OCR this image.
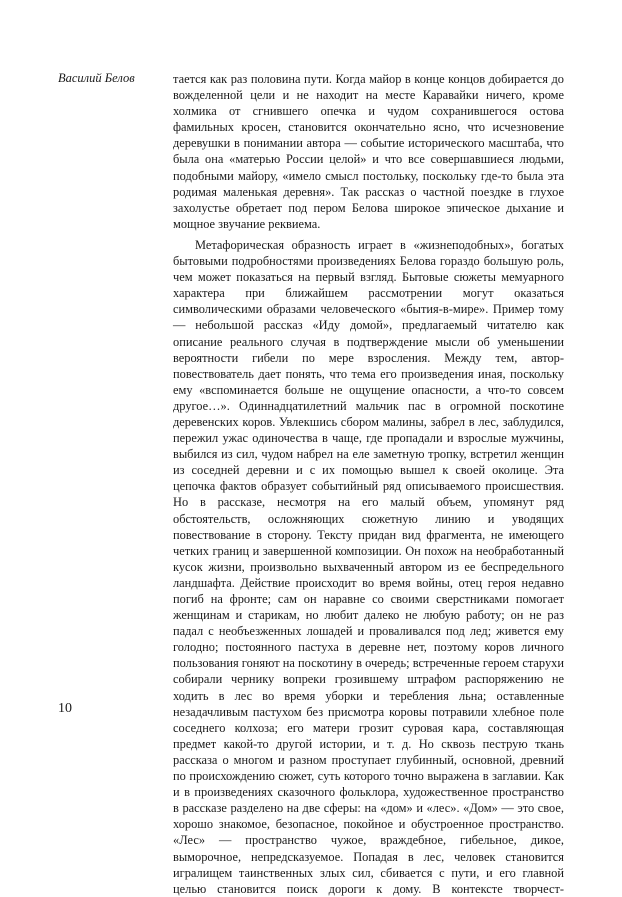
Василий Белов	тается как раз половина пути. Когда майор в конце концов добирается до вожделенной цели и не находит на месте Каравайки ничего, кроме холмика от сгнившего опечка и чудом сохранившегося остова фамильных кросен, становится окончательно ясно, что исчезновение деревушки в понимании автора — событие исторического масштаба, что была она «матерью России целой» и что все совершавшиеся людьми, подобными майору, «имело смысл постольку, поскольку где-то была эта родимая маленькая деревня». Так рассказ о частной поездке в глухое захолустье обретает под пером Белова широкое эпическое дыхание и мощное звучание реквиема.

Метафорическая образность играет в «жизнеподобных», богатых бытовыми подробностями произведениях Белова гораздо большую роль, чем может показаться на первый взгляд. Бытовые сюжеты мемуарного характера при ближайшем рассмотрении могут оказаться символическими образами человеческого «бытия-в-мире». Пример тому — небольшой рассказ «Иду домой», предлагаемый читателю как описание реального случая в подтверждение мысли об уменьшении вероятности гибели по мере взросления. Между тем, автор-повествователь дает понять, что тема его произведения иная, поскольку ему «вспоминается больше не ощущение опасности, а что-то совсем другое…». Одиннадцатилетний мальчик пас в огромной поскотине деревенских коров. Увлекшись сбором малины, забрел в лес, заблудился, пережил ужас одиночества в чаще, где пропадали и взрослые мужчины, выбился из сил, чудом набрел на еле заметную тропку, встретил женщин из соседней деревни и с их помощью вышел к своей околице. Эта цепочка фактов образует событийный ряд описываемого происшествия. Но в рассказе, несмотря на его малый объем, упомянут ряд обстоятельств, осложняющих сюжетную линию и уводящих повествование в сторону. Тексту придан вид фрагмента, не имеющего четких границ и завершенной композиции. Он похож на необработанный кусок жизни, произвольно выхваченный автором из ее беспредельного ландшафта. Действие происходит во время войны, отец героя недавно погиб на фронте; сам он наравне со своими сверстниками помогает женщинам и старикам, но любит далеко не любую работу; он не раз падал с необъезженных лошадей и проваливался под лед; живется ему голодно; постоянного пастуха в деревне нет, поэтому коров личного пользования гоняют на поскотину в очередь; встреченные героем старухи собирали чернику вопреки грозившему штрафом распоряжению не ходить в лес во время уборки и теребления льна; оставленные незадачливым пастухом без присмотра коровы потравили хлебное поле соседнего колхоза; его матери грозит суровая кара, составляющая предмет какой-то другой истории, и т. д. Но сквозь пеструю ткань рассказа о многом и разном проступает глубинный, основной, древний по происхождению сюжет, суть которого точно выражена в заглавии. Как и в произведениях сказочного фольклора, художественное пространство в рассказе разделено на две сферы: на «дом» и «лес». «Дом» — это свое, хорошо знакомое, безопасное, покойное и обустроенное пространство. «Лес» — пространство чужое, враждебное, гибельное, дикое, выморочное, непредсказуемое. Попадая в лес, человек становится игралищем таинственных злых сил, сбивается с пути, и его главной целью становится поиск дороги к дому. В контексте творчест-

10
